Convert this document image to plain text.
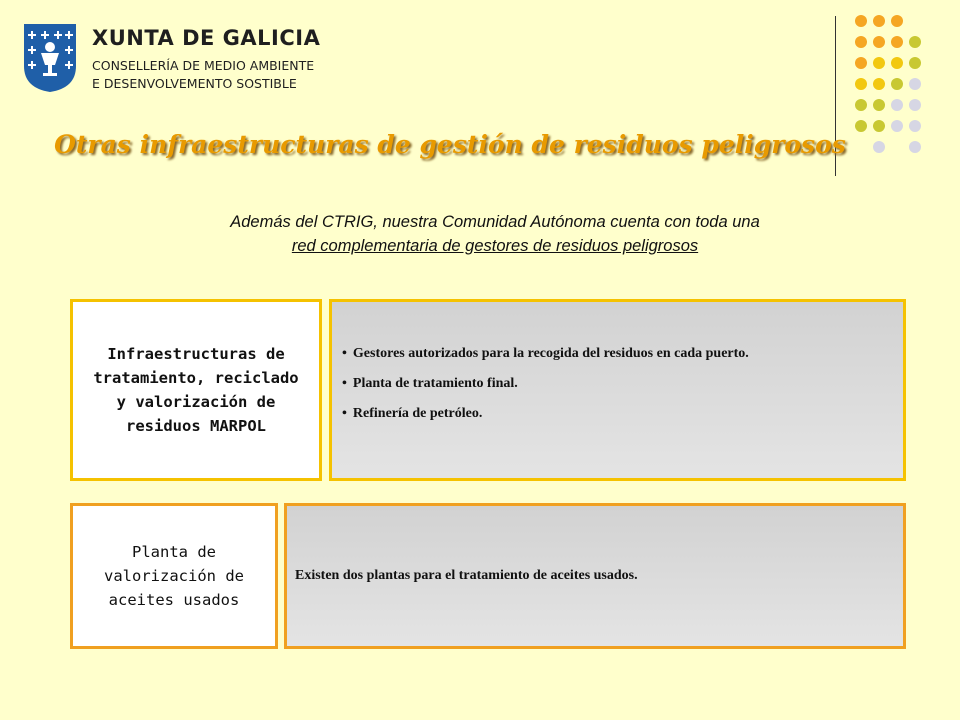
XUNTA DE GALICIA
CONSELLERÍA DE MEDIO AMBIENTE
E DESENVOLVEMENTO SOSTIBLE
Otras infraestructuras de gestión de residuos peligrosos
Además del CTRIG, nuestra Comunidad Autónoma cuenta con toda una
red complementaria de gestores de residuos peligrosos
Infraestructuras de tratamiento, reciclado y valorización de residuos MARPOL
• Gestores autorizados para la recogida del residuos en cada puerto.
• Planta de tratamiento final.
• Refinería de petróleo.
Planta de valorización de aceites usados
Existen dos plantas para el tratamiento de aceites usados.
